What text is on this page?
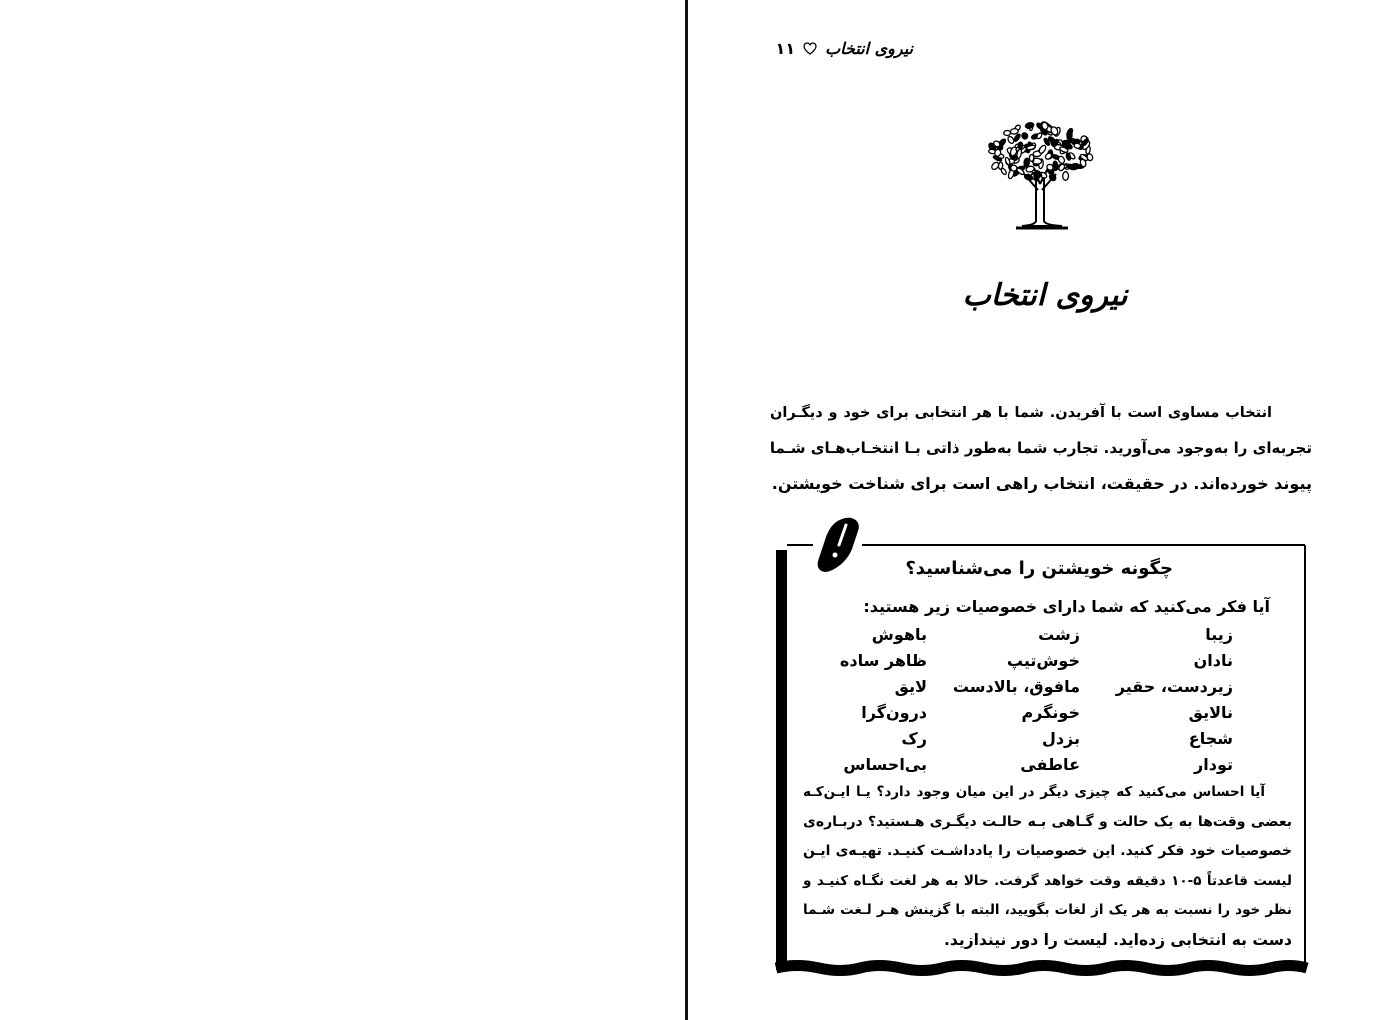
نیروی انتخاب
۱۱
نیروی انتخاب
انتخاب مساوی است با آفریدن. شما با هر انتخابی برای خود و دیگـران
تجربه‌ای را به‌وجود می‌آورید. تجارب شما به‌طور ذاتی بـا انتخـاب‌هـای شـما
پیوند خورده‌اند. در حقیقت، انتخاب راهی است برای شناخت خویشتن.
چگونه خویشتن را می‌شناسید؟
آیا فکر می‌کنید که شما دارای خصوصیات زیر هستید:
زیبا
زشت
باهوش
نادان
خوش‌تیپ
ظاهر ساده
زیردست، حقیر
مافوق، بالادست
لایق
نالایق
خونگرم
درون‌گرا
شجاع
بزدل
رک
تودار
عاطفی
بی‌احساس
آیا احساس می‌کنید که چیزی دیگر در این میان وجود دارد؟ یـا ایـن‌کـه
بعضی وقت‌ها به یک حالت و گـاهی بـه حالـت دیگـری هـستید؟ دربـاره‌ی
خصوصیات خود فکر کنید. این خصوصیات را یادداشـت کنیـد. تهیـه‌ی ایـن
لیست قاعدتاً ۵-۱۰ دقیقه وقت خواهد گرفت. حالا به هر لغت نگـاه کنیـد و
نظر خود را نسبت به هر یک از لغات بگویید، البته با گزینش هـر لـغت شـما
دست به انتخابی زده‌اید. لیست را دور نیندازید.
